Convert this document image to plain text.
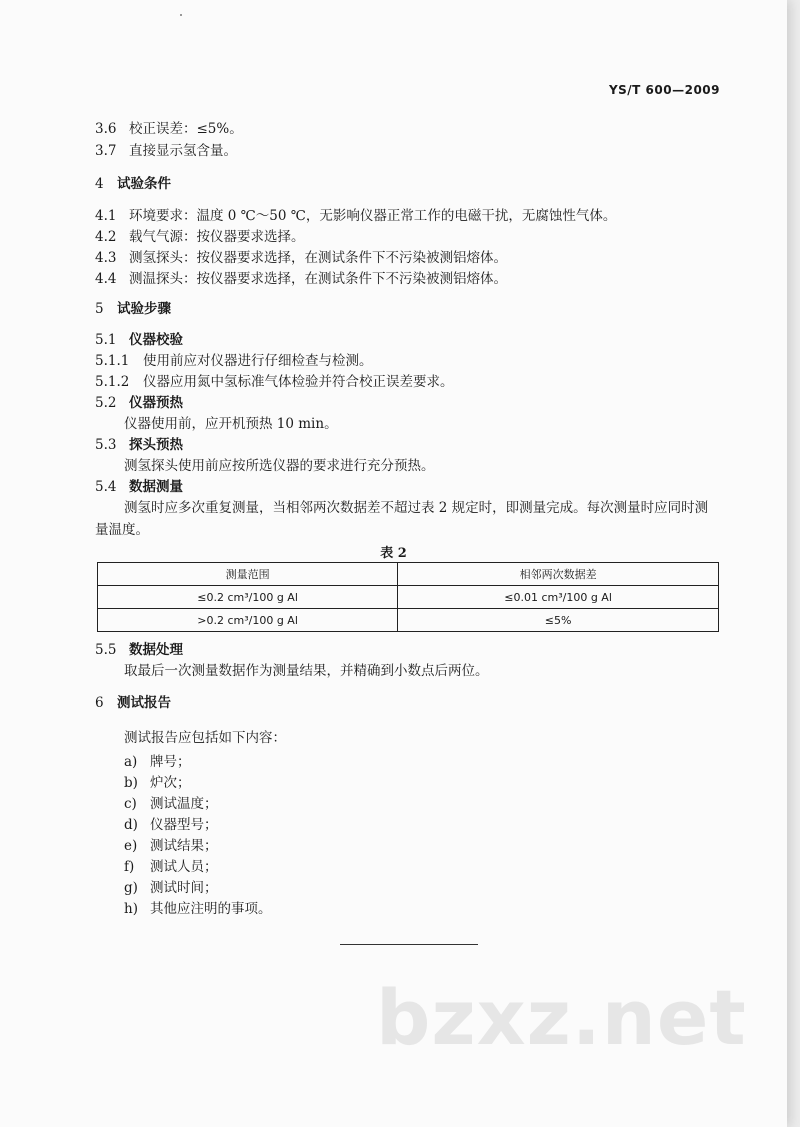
YS/T 600—2009
3.6 校正误差：≤5%。
3.7 直接显示氢含量。
4 试验条件
4.1 环境要求：温度 0 ℃～50 ℃，无影响仪器正常工作的电磁干扰，无腐蚀性气体。
4.2 载气气源：按仪器要求选择。
4.3 测氢探头：按仪器要求选择，在测试条件下不污染被测铝熔体。
4.4 测温探头：按仪器要求选择，在测试条件下不污染被测铝熔体。
5 试验步骤
5.1 仪器校验
5.1.1 使用前应对仪器进行仔细检查与检测。
5.1.2 仪器应用氮中氢标准气体检验并符合校正误差要求。
5.2 仪器预热
仪器使用前，应开机预热 10 min。
5.3 探头预热
测氢探头使用前应按所选仪器的要求进行充分预热。
5.4 数据测量
测氢时应多次重复测量，当相邻两次数据差不超过表 2 规定时，即测量完成。每次测量时应同时测量温度。
表 2
测量范围	相邻两次数据差
≤0.2 cm³/100 g Al	≤0.01 cm³/100 g Al
>0.2 cm³/100 g Al	≤5%
5.5 数据处理
取最后一次测量数据作为测量结果，并精确到小数点后两位。
6 测试报告
测试报告应包括如下内容：
a) 牌号；
b) 炉次；
c) 测试温度；
d) 仪器型号；
e) 测试结果；
f) 测试人员；
g) 测试时间；
h) 其他应注明的事项。
bzxz.net
